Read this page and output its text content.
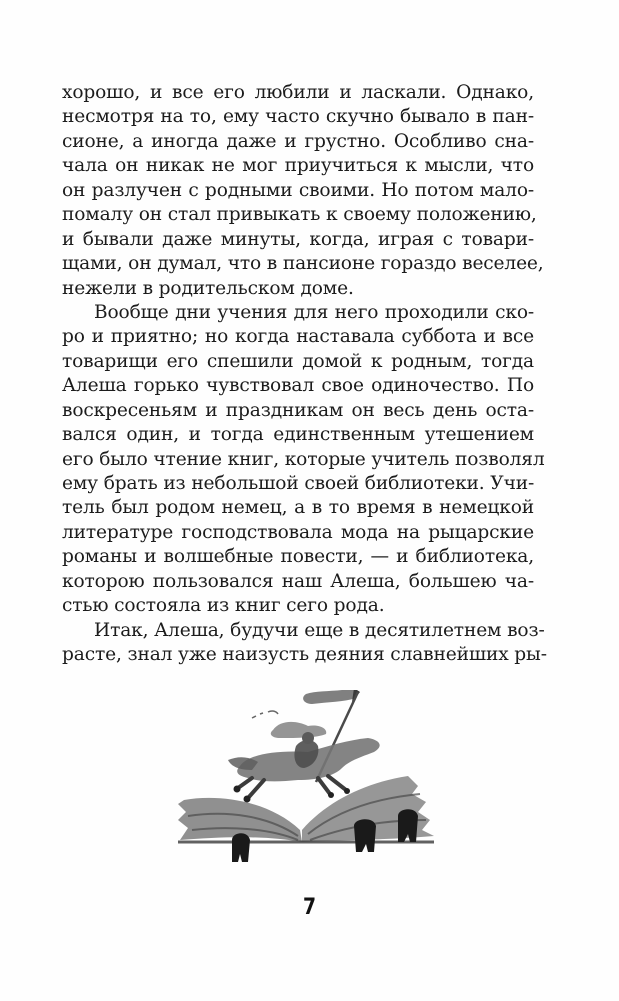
хорошо, и все его любили и ласкали. Однако,
несмотря на то, ему часто скучно бывало в пан-
сионе, а иногда даже и грустно. Особливо сна-
чала он никак не мог приучиться к мысли, что
он разлучен с родными своими. Но потом мало-
помалу он стал привыкать к своему положению,
и бывали даже минуты, когда, играя с товари-
щами, он думал, что в пансионе гораздо веселее,
нежели в родительском доме.
Вообще дни учения для него проходили ско-
ро и приятно; но когда наставала суббота и все
товарищи его спешили домой к родным, тогда
Алеша горько чувствовал свое одиночество. По
воскресеньям и праздникам он весь день оста-
вался один, и тогда единственным утешением
его было чтение книг, которые учитель позволял
ему брать из небольшой своей библиотеки. Учи-
тель был родом немец, а в то время в немецкой
литературе господствовала мода на рыцарские
романы и волшебные повести, — и библиотека,
которою пользовался наш Алеша, большею ча-
стью состояла из книг сего рода.
Итак, Алеша, будучи еще в десятилетнем воз-
расте, знал уже наизусть деяния славнейших ры-
7
